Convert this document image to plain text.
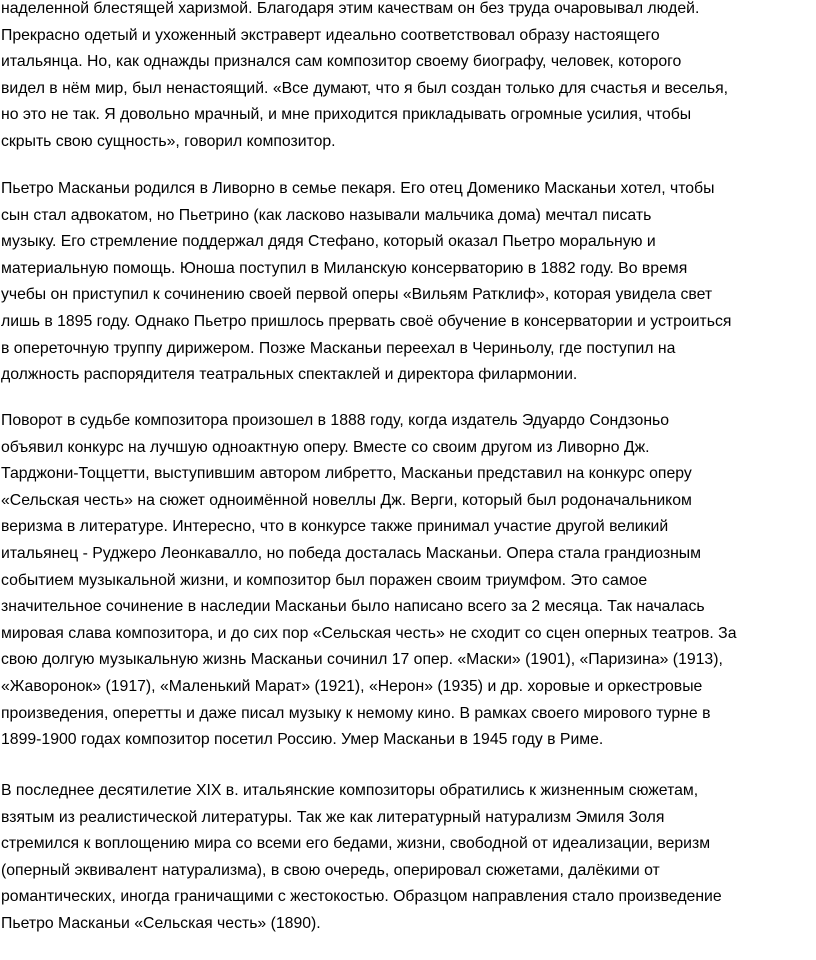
наделенной блестящей харизмой. Благодаря этим качествам он без труда очаровывал людей.
Прекрасно одетый и ухоженный экстраверт идеально соответствовал образу настоящего
итальянца. Но, как однажды признался сам композитор своему биографу, человек, которого
видел в нём мир, был ненастоящий. «Все думают, что я был создан только для счастья и веселья,
но это не так. Я довольно мрачный, и мне приходится прикладывать огромные усилия, чтобы
скрыть свою сущность», говорил композитор.

Пьетро Масканьи родился в Ливорно в семье пекаря. Его отец Доменико Масканьи хотел, чтобы
сын стал адвокатом, но Пьетрино (как ласково называли мальчика дома) мечтал писать
музыку. Его стремление поддержал дядя Стефано, который оказал Пьетро моральную и
материальную помощь. Юноша поступил в Миланскую консерваторию в 1882 году. Во время
учебы он приступил к сочинению своей первой оперы «Вильям Ратклиф», которая увидела свет
лишь в 1895 году. Однако Пьетро пришлось прервать своё обучение в консерватории и устроиться
в опереточную труппу дирижером. Позже Масканьи переехал в Чериньолу, где поступил на
должность распорядителя театральных спектаклей и директора филармонии.

Поворот в судьбе композитора произошел в 1888 году, когда издатель Эдуардо Сондзоньо
объявил конкурс на лучшую одноактную оперу. Вместе со своим другом из Ливорно Дж.
Тарджони-Тоццетти, выступившим автором либретто, Масканьи представил на конкурс оперу
«Сельская честь» на сюжет одноимённой новеллы Дж. Верги, который был родоначальником
веризма в литературе. Интересно, что в конкурсе также принимал участие другой великий
итальянец - Руджеро Леонкавалло, но победа досталась Масканьи. Опера стала грандиозным
событием музыкальной жизни, и композитор был поражен своим триумфом. Это самое
значительное сочинение в наследии Масканьи было написано всего за 2 месяца. Так началась
мировая слава композитора, и до сих пор «Сельская честь» не сходит со сцен оперных театров. За
свою долгую музыкальную жизнь Масканьи сочинил 17 опер. «Маски» (1901), «Паризина» (1913),
«Жаворонок» (1917), «Маленький Марат» (1921), «Нерон» (1935) и др. хоровые и оркестровые
произведения, оперетты и даже писал музыку к немому кино. В рамках своего мирового турне в
1899-1900 годах композитор посетил Россию. Умер Масканьи в 1945 году в Риме.

В последнее десятилетие XIX в. итальянские композиторы обратились к жизненным сюжетам,
взятым из реалистической литературы. Так же как литературный натурализм Эмиля Золя
стремился к воплощению мира со всеми его бедами, жизни, свободной от идеализации, веризм
(оперный эквивалент натурализма), в свою очередь, оперировал сюжетами, далёкими от
романтических, иногда граничащими с жестокостью. Образцом направления стало произведение
Пьетро Масканьи «Сельская честь» (1890).
